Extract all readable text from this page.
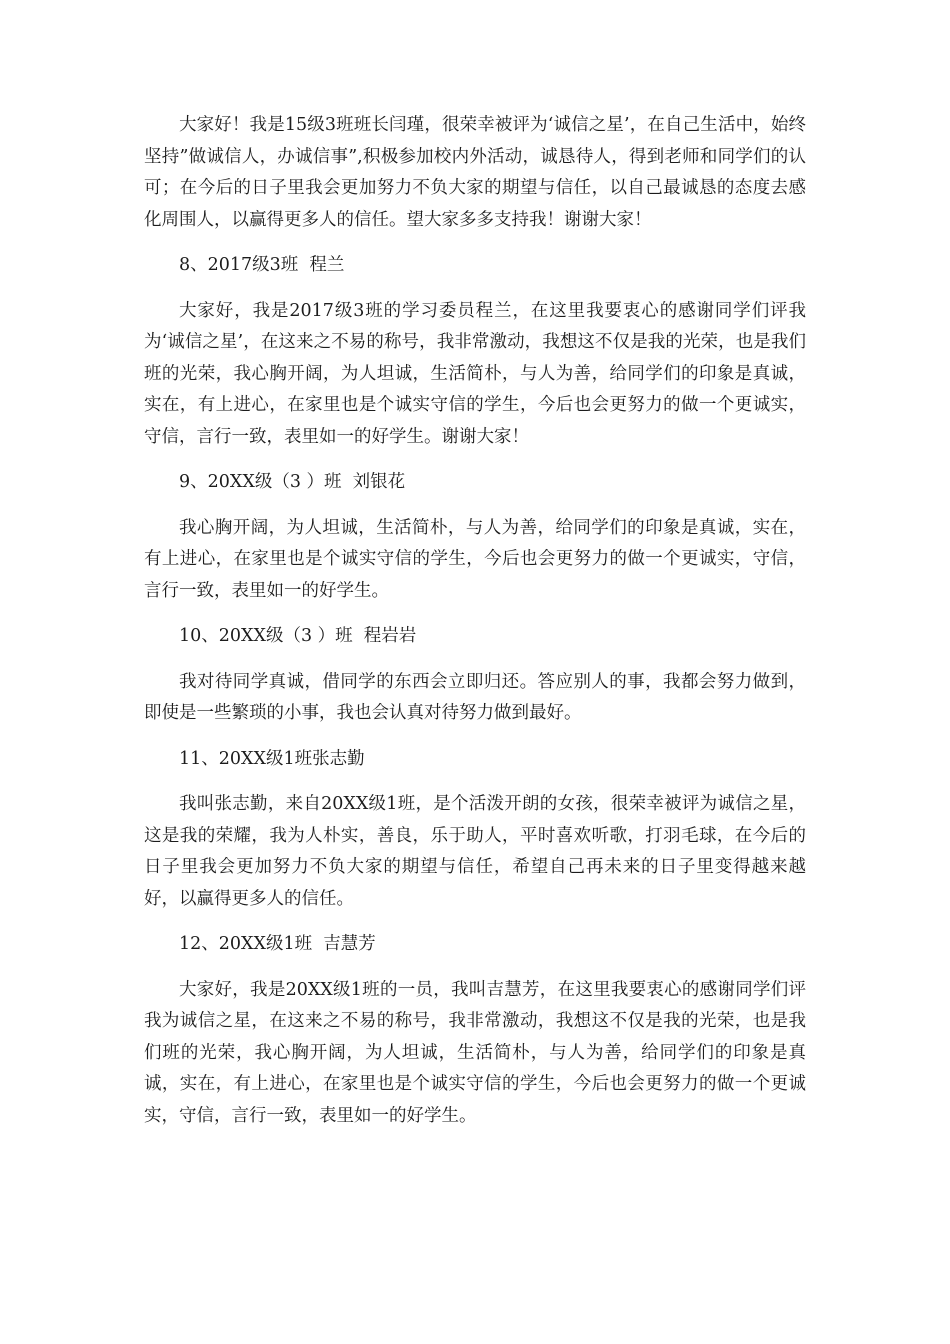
大家好！我是15级3班班长闫瑾，很荣幸被评为‘诚信之星’，在自己生活中，始终坚持”做诚信人，办诚信事”,积极参加校内外活动，诚恳待人，得到老师和同学们的认可；在今后的日子里我会更加努力不负大家的期望与信任，以自己最诚恳的态度去感化周围人，以赢得更多人的信任。望大家多多支持我！谢谢大家！

8、2017级3班  程兰

大家好，我是2017级3班的学习委员程兰，在这里我要衷心的感谢同学们评我为‘诚信之星’，在这来之不易的称号，我非常激动，我想这不仅是我的光荣，也是我们班的光荣，我心胸开阔，为人坦诚，生活简朴，与人为善，给同学们的印象是真诚，实在，有上进心，在家里也是个诚实守信的学生，今后也会更努力的做一个更诚实，守信，言行一致，表里如一的好学生。谢谢大家！

9、20XX级（3 ）班  刘银花

我心胸开阔，为人坦诚，生活简朴，与人为善，给同学们的印象是真诚，实在，有上进心，在家里也是个诚实守信的学生，今后也会更努力的做一个更诚实，守信，言行一致，表里如一的好学生。

10、20XX级（3 ）班  程岩岩

我对待同学真诚，借同学的东西会立即归还。答应别人的事，我都会努力做到，即使是一些繁琐的小事，我也会认真对待努力做到最好。

11、20XX级1班张志勤

我叫张志勤，来自20XX级1班，是个活泼开朗的女孩，很荣幸被评为诚信之星，这是我的荣耀，我为人朴实，善良，乐于助人，平时喜欢听歌，打羽毛球，在今后的日子里我会更加努力不负大家的期望与信任，希望自己再未来的日子里变得越来越好，以赢得更多人的信任。

12、20XX级1班  吉慧芳

大家好，我是20XX级1班的一员，我叫吉慧芳，在这里我要衷心的感谢同学们评我为诚信之星，在这来之不易的称号，我非常激动，我想这不仅是我的光荣，也是我们班的光荣，我心胸开阔，为人坦诚，生活简朴，与人为善，给同学们的印象是真诚，实在，有上进心，在家里也是个诚实守信的学生，今后也会更努力的做一个更诚实，守信，言行一致，表里如一的好学生。
